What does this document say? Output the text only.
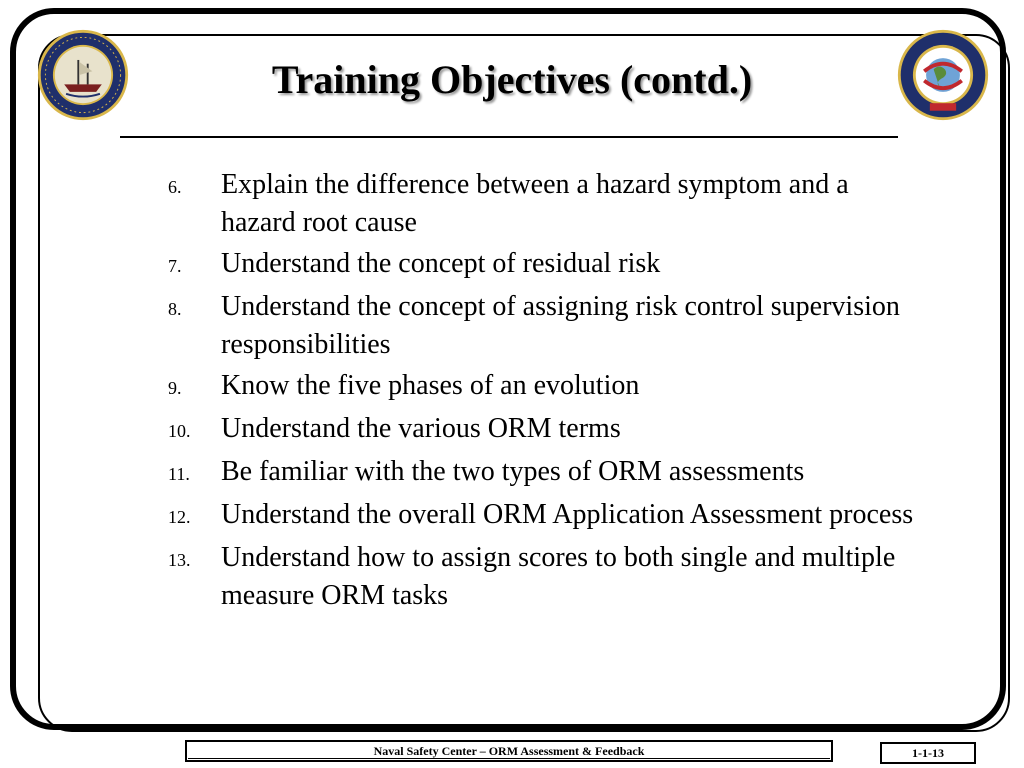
Training Objectives (contd.)
6.	Explain the difference between a hazard symptom and a hazard root cause
7.	Understand the concept of residual risk
8.	Understand the concept of assigning risk control supervision responsibilities
9.	Know the five phases of an evolution
10.	Understand the various ORM terms
11.	Be familiar with the two types of ORM assessments
12.	Understand the overall ORM Application Assessment process
13.	Understand how to assign scores to both single and multiple measure ORM tasks
Naval Safety Center – ORM Assessment & Feedback	1-1-13
